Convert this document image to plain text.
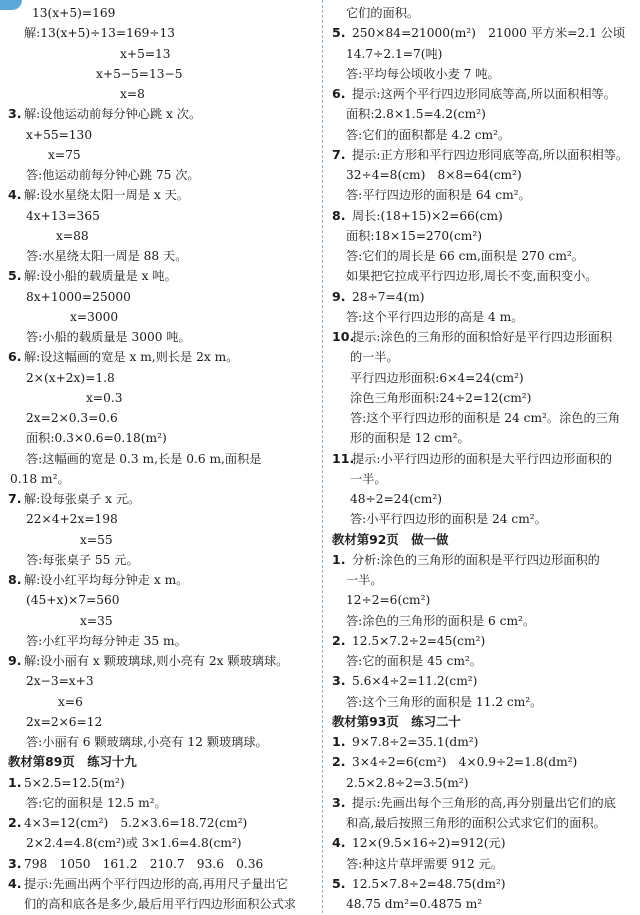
13(x+5)=169
解:13(x+5)÷13=169÷13
x+5=13
x+5−5=13−5
x=8
3. 解:设他运动前每分钟心跳 x 次。
x+55=130
x=75
答:他运动前每分钟心跳 75 次。
4. 解:设水星绕太阳一周是 x 天。
4x+13=365
x=88
答:水星绕太阳一周是 88 天。
5. 解:设小船的载质量是 x 吨。
8x+1000=25000
x=3000
答:小船的载质量是 3000 吨。
6. 解:设这幅画的宽是 x m,则长是 2x m。
2×(x+2x)=1.8
x=0.3
2x=2×0.3=0.6
面积:0.3×0.6=0.18(m²)
答:这幅画的宽是 0.3 m,长是 0.6 m,面积是
0.18 m²。
7. 解:设每张桌子 x 元。
22×4+2x=198
x=55
答:每张桌子 55 元。
8. 解:设小红平均每分钟走 x m。
(45+x)×7=560
x=35
答:小红平均每分钟走 35 m。
9. 解:设小丽有 x 颗玻璃球,则小亮有 2x 颗玻璃球。
2x−3=x+3
x=6
2x=2×6=12
答:小丽有 6 颗玻璃球,小亮有 12 颗玻璃球。
教材第89页　练习十九
1. 5×2.5=12.5(m²)
答:它的面积是 12.5 m²。
2. 4×3=12(cm²)　5.2×3.6=18.72(cm²)
2×2.4=4.8(cm²)或 3×1.6=4.8(cm²)
3. 798　1050　161.2　210.7　93.6　0.36
4. 提示:先画出两个平行四边形的高,再用尺子量出它
们的高和底各是多少,最后用平行四边形面积公式求
它们的面积。
5. 250×84=21000(m²)　21000 平方米=2.1 公顷
14.7÷2.1=7(吨)
答:平均每公顷收小麦 7 吨。
6. 提示:这两个平行四边形同底等高,所以面积相等。
面积:2.8×1.5=4.2(cm²)
答:它们的面积都是 4.2 cm²。
7. 提示:正方形和平行四边形同底等高,所以面积相等。
32÷4=8(cm)　8×8=64(cm²)
答:平行四边形的面积是 64 cm²。
8. 周长:(18+15)×2=66(cm)
面积:18×15=270(cm²)
答:它们的周长是 66 cm,面积是 270 cm²。
如果把它拉成平行四边形,周长不变,面积变小。
9. 28÷7=4(m)
答:这个平行四边形的高是 4 m。
10.提示:涂色的三角形的面积恰好是平行四边形面积
的一半。
平行四边形面积:6×4=24(cm²)
涂色三角形面积:24÷2=12(cm²)
答:这个平行四边形的面积是 24 cm²。涂色的三角
形的面积是 12 cm²。
11.提示:小平行四边形的面积是大平行四边形面积的
一半。
48÷2=24(cm²)
答:小平行四边形的面积是 24 cm²。
教材第92页　做一做
1. 分析:涂色的三角形的面积是平行四边形面积的
一半。
12÷2=6(cm²)
答:涂色的三角形的面积是 6 cm²。
2. 12.5×7.2÷2=45(cm²)
答:它的面积是 45 cm²。
3. 5.6×4÷2=11.2(cm²)
答:这个三角形的面积是 11.2 cm²。
教材第93页　练习二十
1. 9×7.8÷2=35.1(dm²)
2. 3×4÷2=6(cm²)　4×0.9÷2=1.8(dm²)
2.5×2.8÷2=3.5(m²)
3. 提示:先画出每个三角形的高,再分别量出它们的底
和高,最后按照三角形的面积公式求它们的面积。
4. 12×(9.5×16÷2)=912(元)
答:种这片草坪需要 912 元。
5. 12.5×7.8÷2=48.75(dm²)
48.75 dm²=0.4875 m²
